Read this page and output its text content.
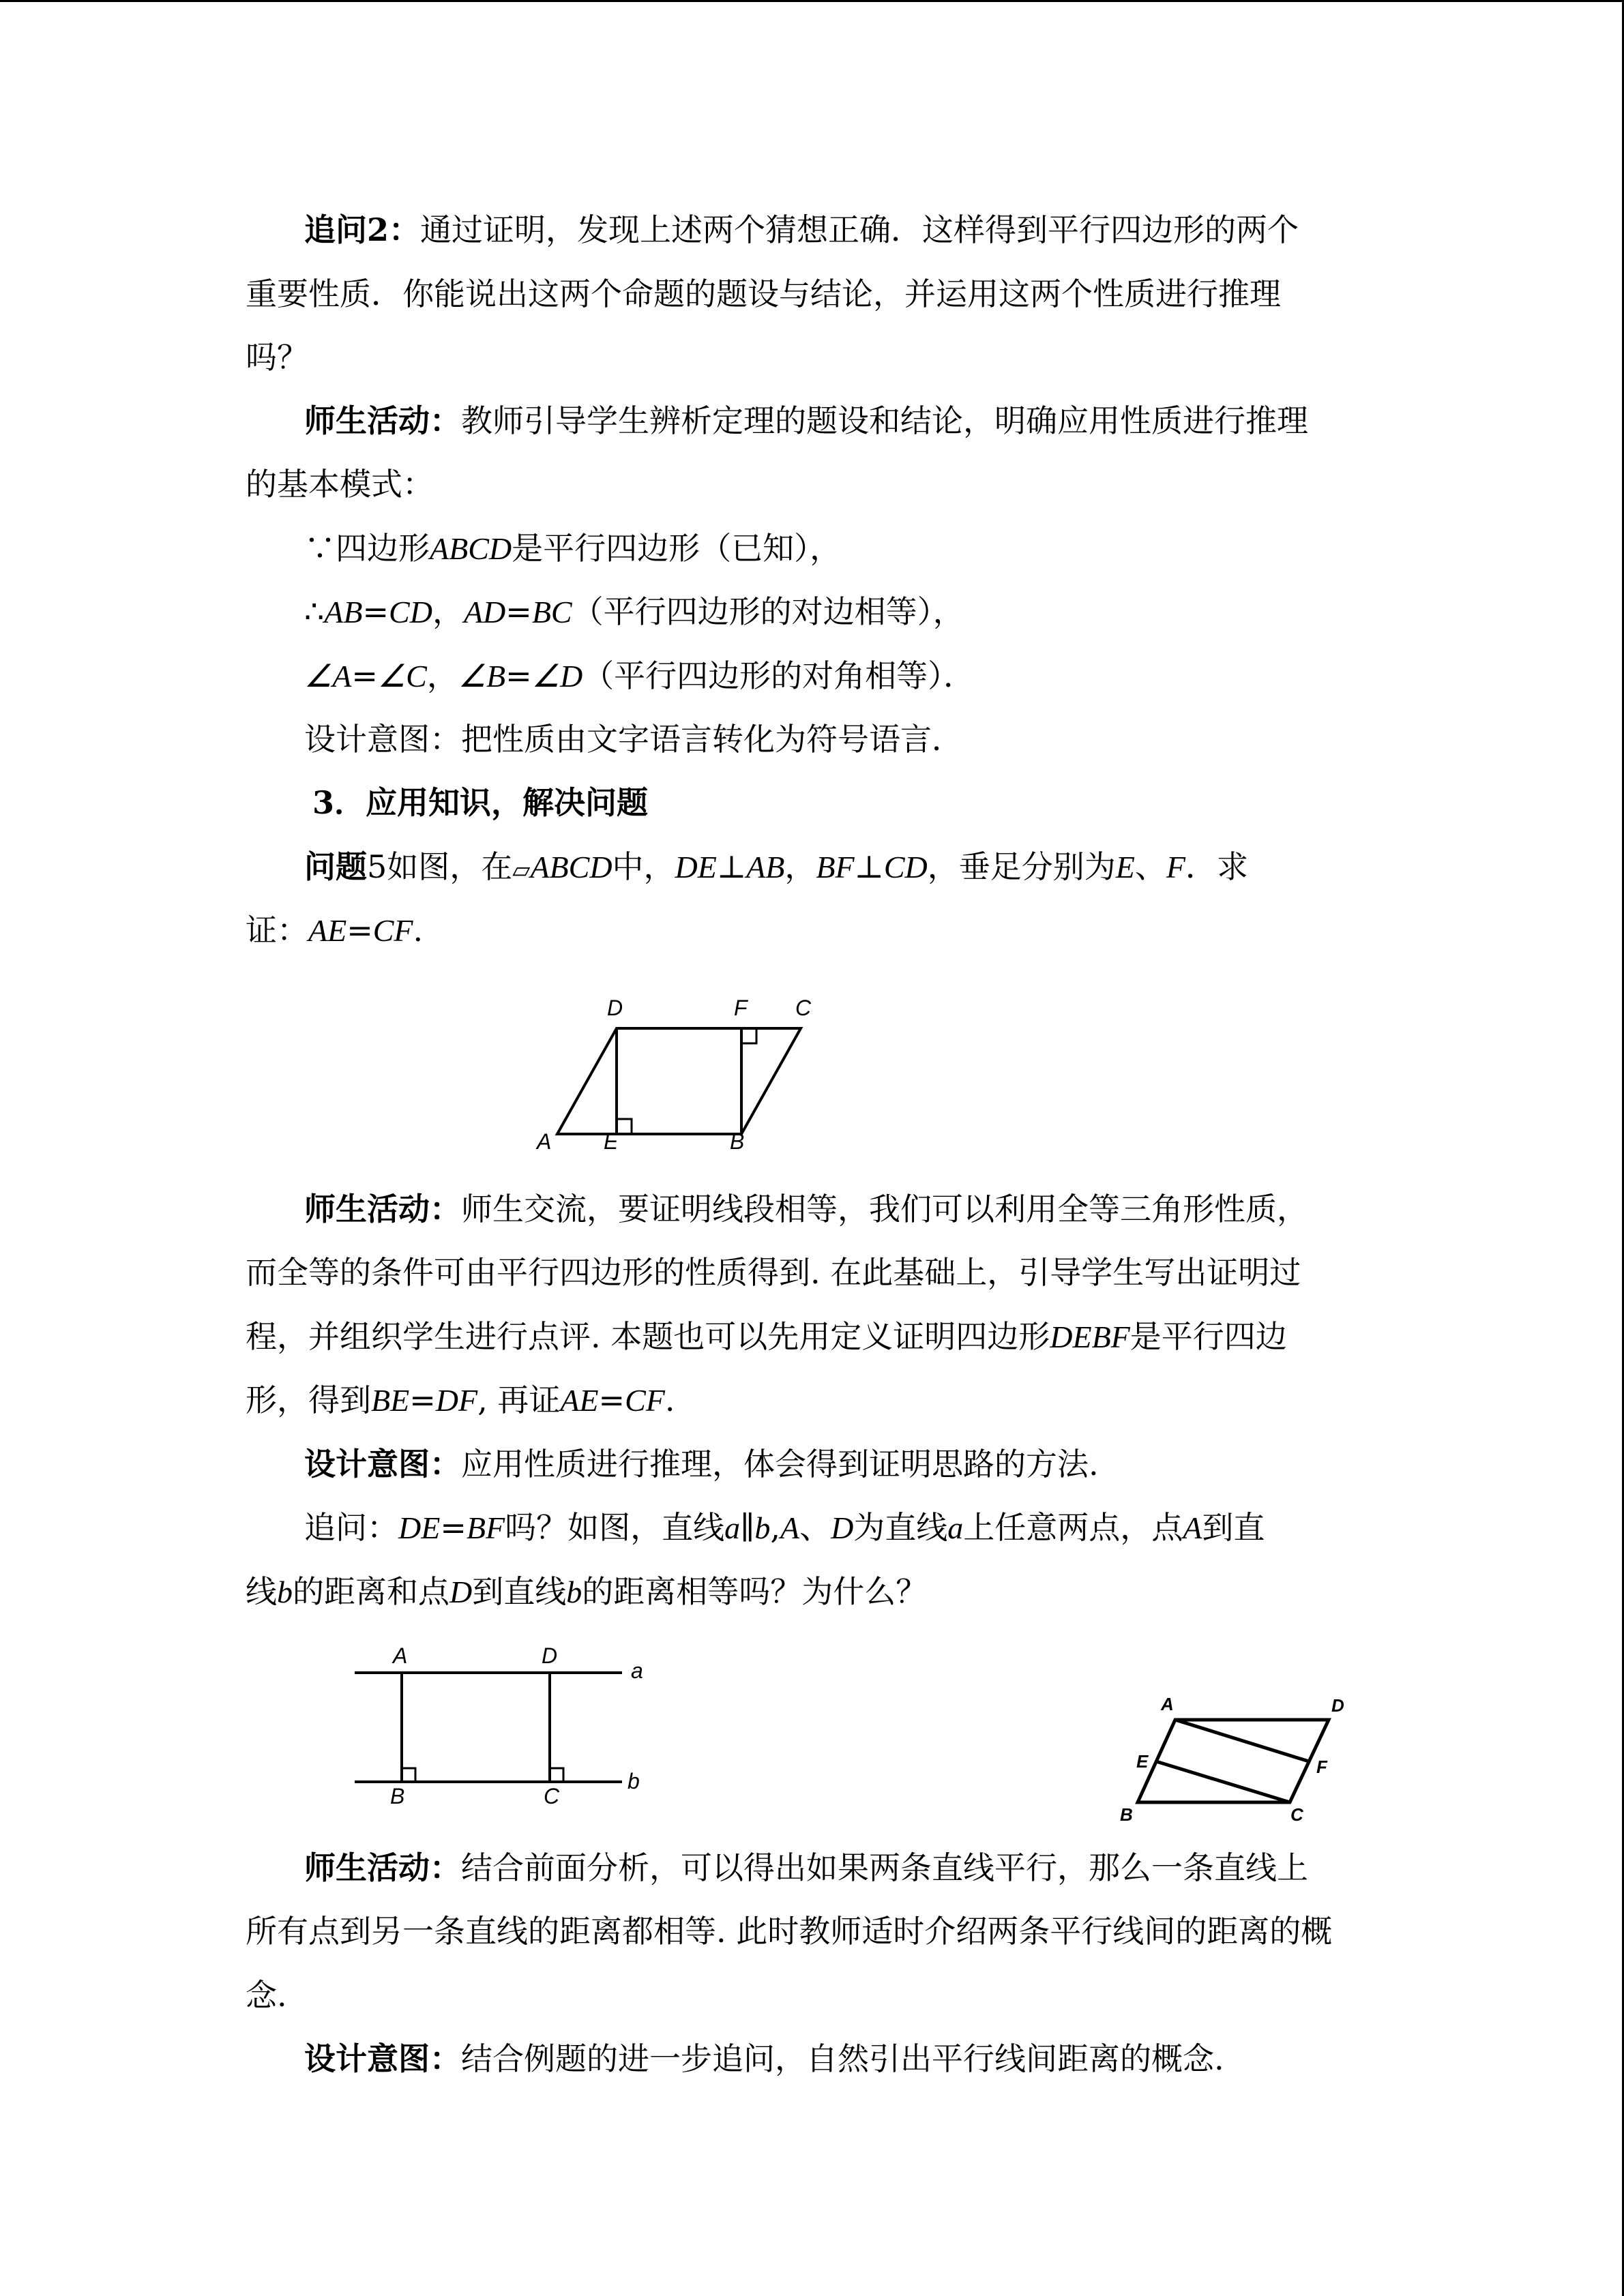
追问2：通过证明，发现上述两个猜想正确．这样得到平行四边形的两个
重要性质．你能说出这两个命题的题设与结论，并运用这两个性质进行推理
吗？
师生活动：教师引导学生辨析定理的题设和结论，明确应用性质进行推理
的基本模式：
∵四边形ABCD是平行四边形（已知），
∴AB=CD，AD=BC（平行四边形的对边相等），
∠A=∠C，∠B=∠D（平行四边形的对角相等）．
设计意图：把性质由文字语言转化为符号语言．
3．应用知识，解决问题
问题5如图，在▱ABCD中，DE⊥AB，BF⊥CD，垂足分别为E、F．求
证：AE=CF.
D	F C
A E	B
师生活动：师生交流，要证明线段相等，我们可以利用全等三角形性质，
而全等的条件可由平行四边形的性质得到. 在此基础上，引导学生写出证明过
程，并组织学生进行点评. 本题也可以先用定义证明四边形DEBF是平行四边
形，得到BE=DF, 再证AE=CF.
设计意图：应用性质进行推理，体会得到证明思路的方法.
追问：DE=BF吗？如图，直线a∥b,A、D为直线a上任意两点，点A到直
线b的距离和点D到直线b的距离相等吗？为什么？
A	D
a
B	C
b
A	D
E	F
B	C
师生活动：结合前面分析，可以得出如果两条直线平行，那么一条直线上
所有点到另一条直线的距离都相等. 此时教师适时介绍两条平行线间的距离的概
念.
设计意图：结合例题的进一步追问，自然引出平行线间距离的概念.
